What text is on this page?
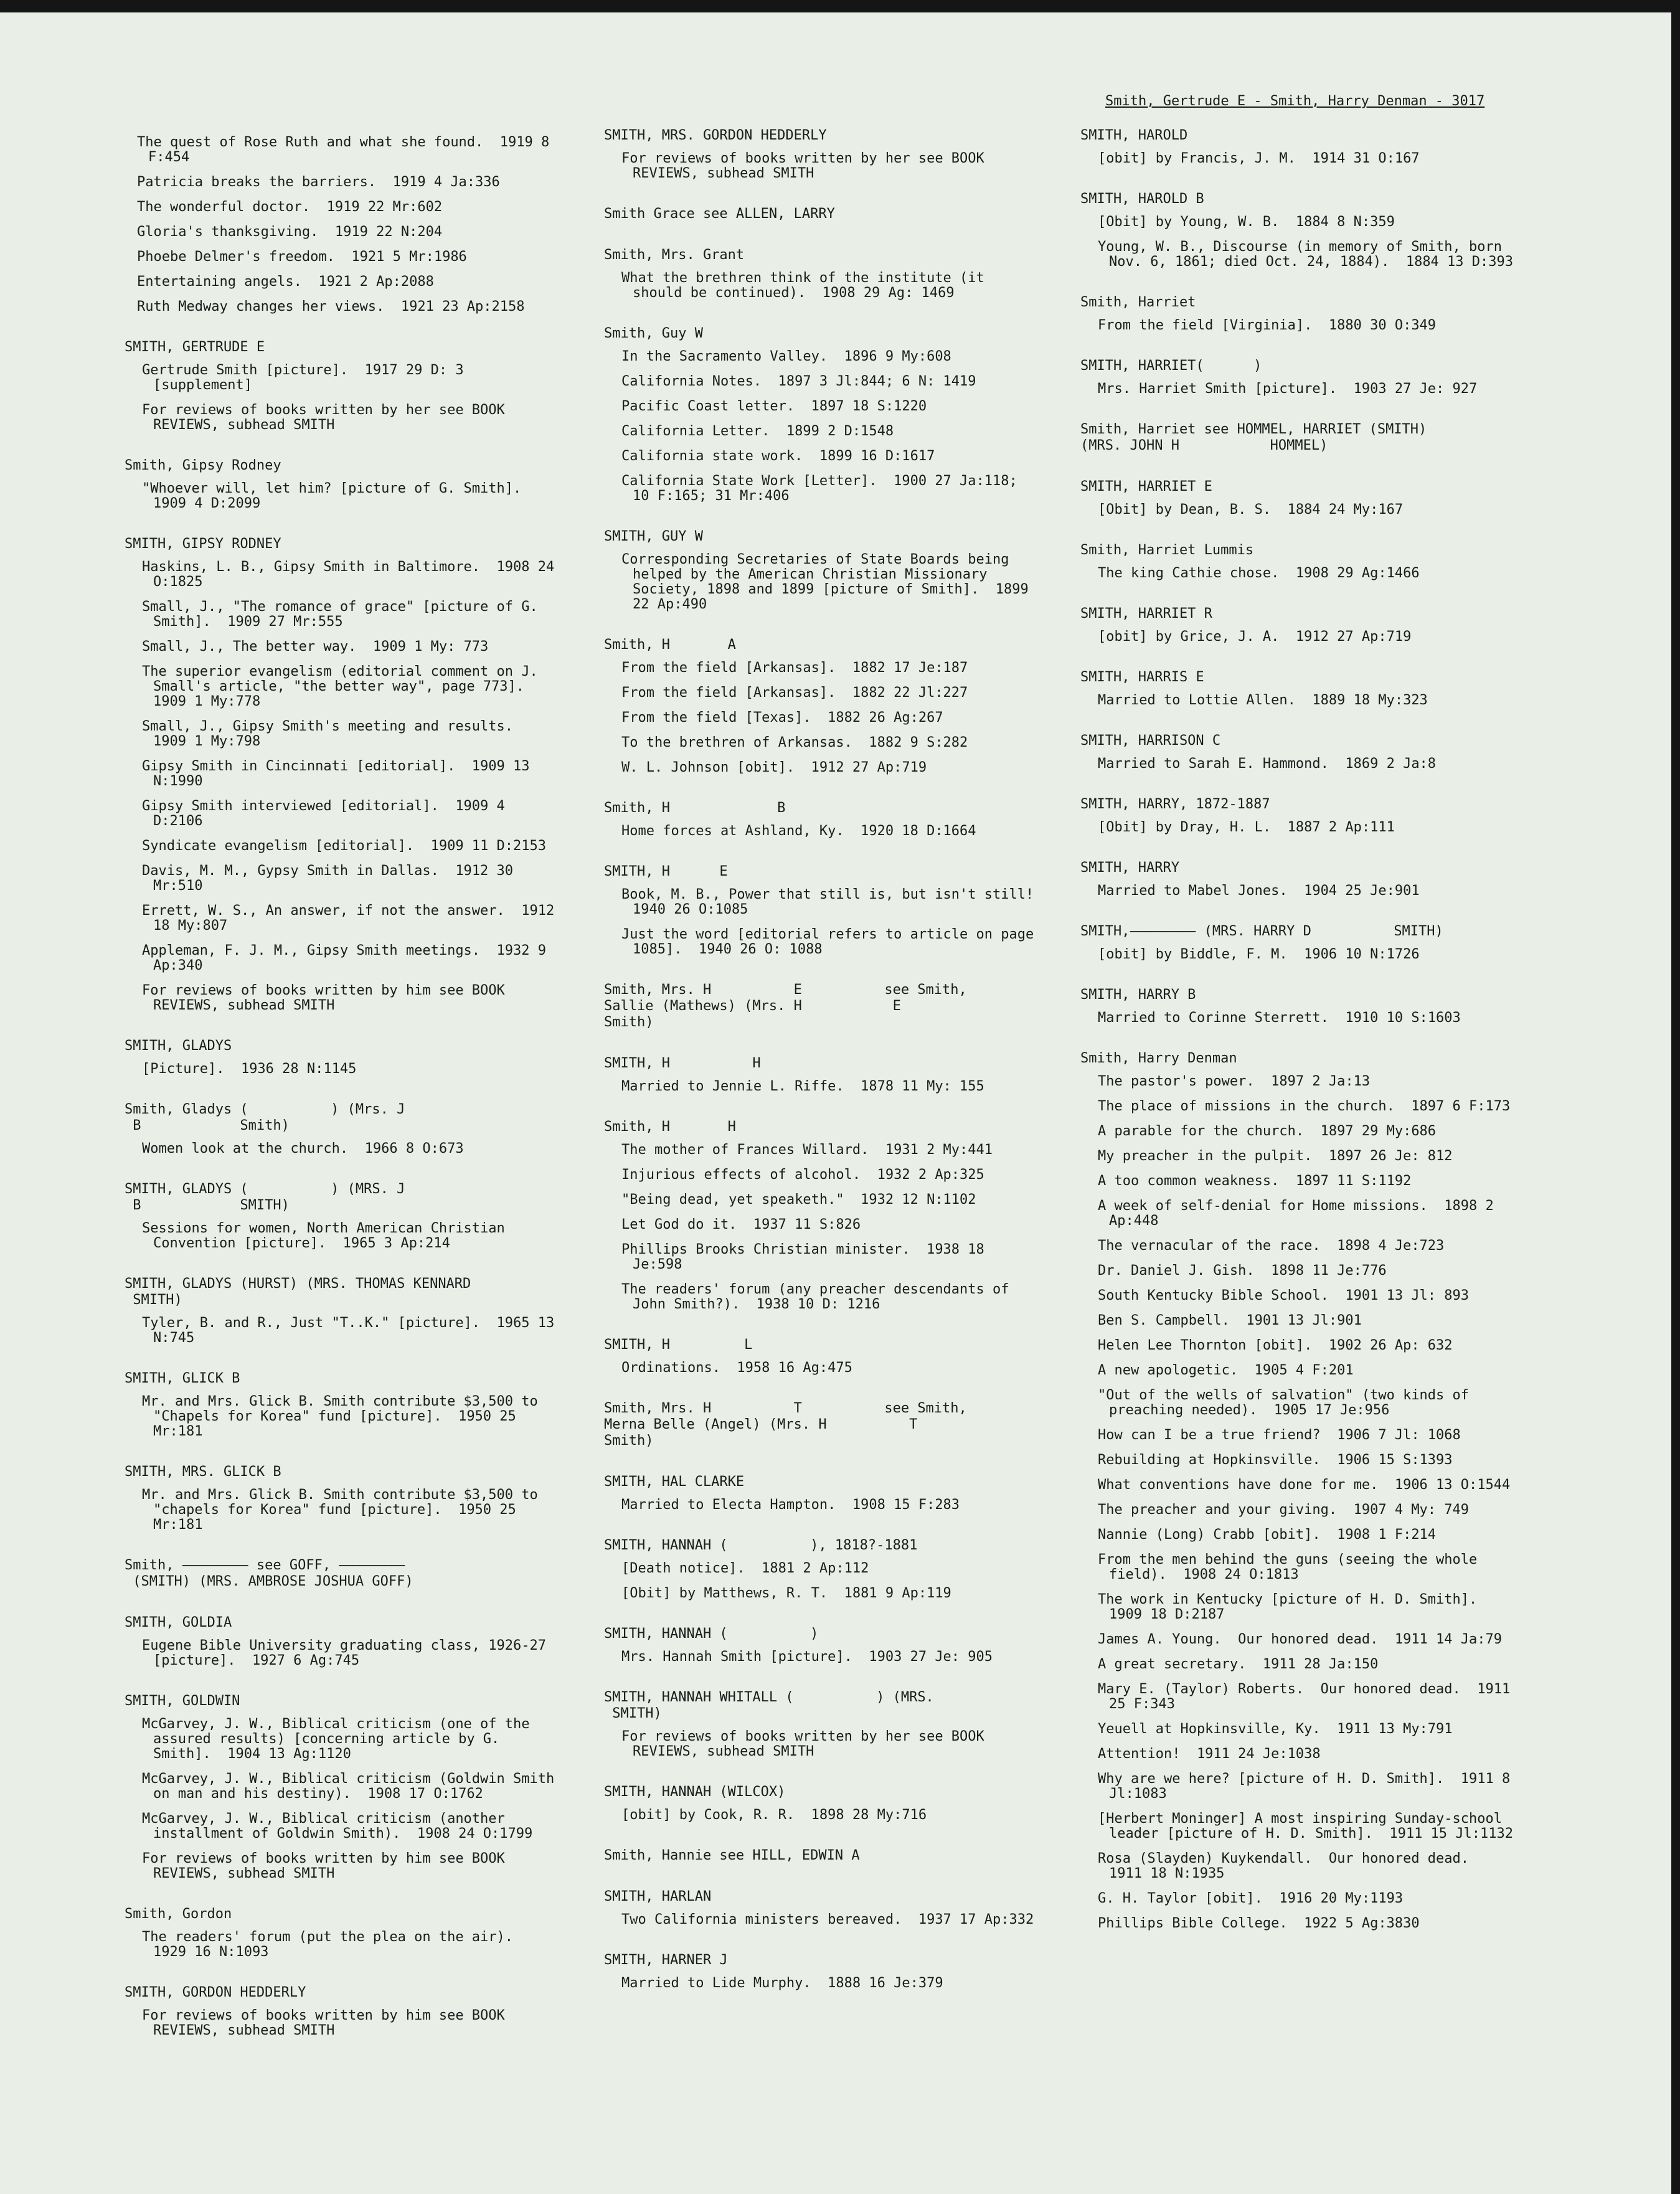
Smith, Gertrude E - Smith, Harry Denman - 3017
The quest of Rose Ruth and what she found.  1919 8 F:454
Patricia breaks the barriers.  1919 4 Ja:336
The wonderful doctor.  1919 22 Mr:602
Gloria's thanksgiving.  1919 22 N:204
Phoebe Delmer's freedom.  1921 5 Mr:1986
Entertaining angels.  1921 2 Ap:2088
Ruth Medway changes her views.  1921 23 Ap:2158
SMITH, GERTRUDE E
Gertrude Smith [picture].  1917 29 D: 3 [supplement]
For reviews of books written by her see BOOK REVIEWS, subhead SMITH
Smith, Gipsy Rodney
"Whoever will, let him? [picture of G. Smith].  1909 4 D:2099
SMITH, GIPSY RODNEY
Haskins, L. B., Gipsy Smith in Baltimore.  1908 24 O:1825
Small, J., "The romance of grace" [picture of G. Smith].  1909 27 Mr:555
Small, J., The better way.  1909 1 My: 773
The superior evangelism (editorial comment on J. Small's article, "the better way", page 773].  1909 1 My:778
Small, J., Gipsy Smith's meeting and results.  1909 1 My:798
Gipsy Smith in Cincinnati [editorial].  1909 13 N:1990
Gipsy Smith interviewed [editorial].  1909 4 D:2106
Syndicate evangelism [editorial].  1909 11 D:2153
Davis, M. M., Gypsy Smith in Dallas.  1912 30 Mr:510
Errett, W. S., An answer, if not the answer.  1912 18 My:807
Appleman, F. J. M., Gipsy Smith meetings.  1932 9 Ap:340
For reviews of books written by him see BOOK REVIEWS, subhead SMITH
SMITH, GLADYS
[Picture].  1936 28 N:1145
Smith, Gladys (          ) (Mrs. J
B            Smith)
Women look at the church.  1966 8 O:673
SMITH, GLADYS (          ) (MRS. J
B            SMITH)
Sessions for women, North American Christian Convention [picture].  1965 3 Ap:214
SMITH, GLADYS (HURST) (MRS. THOMAS KENNARD
SMITH)
Tyler, B. and R., Just "T..K." [picture].  1965 13 N:745
SMITH, GLICK B
Mr. and Mrs. Glick B. Smith contribute $3,500 to "Chapels for Korea" fund [picture].  1950 25 Mr:181
SMITH, MRS. GLICK B
Mr. and Mrs. Glick B. Smith contribute $3,500 to "chapels for Korea" fund [picture].  1950 25 Mr:181
Smith, ———————— see GOFF, ————————
(SMITH) (MRS. AMBROSE JOSHUA GOFF)
SMITH, GOLDIA
Eugene Bible University graduating class, 1926-27 [picture].  1927 6 Ag:745
SMITH, GOLDWIN
McGarvey, J. W., Biblical criticism (one of the assured results) [concerning article by G. Smith].  1904 13 Ag:1120
McGarvey, J. W., Biblical criticism (Goldwin Smith on man and his destiny).  1908 17 O:1762
McGarvey, J. W., Biblical criticism (another installment of Goldwin Smith).  1908 24 O:1799
For reviews of books written by him see BOOK REVIEWS, subhead SMITH
Smith, Gordon
The readers' forum (put the plea on the air).  1929 16 N:1093
SMITH, GORDON HEDDERLY
For reviews of books written by him see BOOK REVIEWS, subhead SMITH
SMITH, MRS. GORDON HEDDERLY
For reviews of books written by her see BOOK REVIEWS, subhead SMITH
Smith Grace see ALLEN, LARRY
Smith, Mrs. Grant
What the brethren think of the institute (it should be continued).  1908 29 Ag: 1469
Smith, Guy W
In the Sacramento Valley.  1896 9 My:608
California Notes.  1897 3 Jl:844; 6 N: 1419
Pacific Coast letter.  1897 18 S:1220
California Letter.  1899 2 D:1548
California state work.  1899 16 D:1617
California State Work [Letter].  1900 27 Ja:118; 10 F:165; 31 Mr:406
SMITH, GUY W
Corresponding Secretaries of State Boards being helped by the American Christian Missionary Society, 1898 and 1899 [picture of Smith].  1899 22 Ap:490
Smith, H       A
From the field [Arkansas].  1882 17 Je:187
From the field [Arkansas].  1882 22 Jl:227
From the field [Texas].  1882 26 Ag:267
To the brethren of Arkansas.  1882 9 S:282
W. L. Johnson [obit].  1912 27 Ap:719
Smith, H             B
Home forces at Ashland, Ky.  1920 18 D:1664
SMITH, H      E
Book, M. B., Power that still is, but isn't still!  1940 26 O:1085
Just the word [editorial refers to article on page 1085].  1940 26 O: 1088
Smith, Mrs. H          E          see Smith,
Sallie (Mathews) (Mrs. H           E
Smith)
SMITH, H          H
Married to Jennie L. Riffe.  1878 11 My: 155
Smith, H       H
The mother of Frances Willard.  1931 2 My:441
Injurious effects of alcohol.  1932 2 Ap:325
"Being dead, yet speaketh."  1932 12 N:1102
Let God do it.  1937 11 S:826
Phillips Brooks Christian minister.  1938 18 Je:598
The readers' forum (any preacher descendants of John Smith?).  1938 10 D: 1216
SMITH, H         L
Ordinations.  1958 16 Ag:475
Smith, Mrs. H          T          see Smith,
Merna Belle (Angel) (Mrs. H          T
Smith)
SMITH, HAL CLARKE
Married to Electa Hampton.  1908 15 F:283
SMITH, HANNAH (          ), 1818?-1881
[Death notice].  1881 2 Ap:112
[Obit] by Matthews, R. T.  1881 9 Ap:119
SMITH, HANNAH (          )
Mrs. Hannah Smith [picture].  1903 27 Je: 905
SMITH, HANNAH WHITALL (          ) (MRS.
SMITH)
For reviews of books written by her see BOOK REVIEWS, subhead SMITH
SMITH, HANNAH (WILCOX)
[obit] by Cook, R. R.  1898 28 My:716
Smith, Hannie see HILL, EDWIN A
SMITH, HARLAN
Two California ministers bereaved.  1937 17 Ap:332
SMITH, HARNER J
Married to Lide Murphy.  1888 16 Je:379
SMITH, HAROLD
[obit] by Francis, J. M.  1914 31 O:167
SMITH, HAROLD B
[Obit] by Young, W. B.  1884 8 N:359
Young, W. B., Discourse (in memory of Smith, born Nov. 6, 1861; died Oct. 24, 1884).  1884 13 D:393
Smith, Harriet
From the field [Virginia].  1880 30 O:349
SMITH, HARRIET(      )
Mrs. Harriet Smith [picture].  1903 27 Je: 927
Smith, Harriet see HOMMEL, HARRIET (SMITH)
(MRS. JOHN H           HOMMEL)
SMITH, HARRIET E
[Obit] by Dean, B. S.  1884 24 My:167
Smith, Harriet Lummis
The king Cathie chose.  1908 29 Ag:1466
SMITH, HARRIET R
[obit] by Grice, J. A.  1912 27 Ap:719
SMITH, HARRIS E
Married to Lottie Allen.  1889 18 My:323
SMITH, HARRISON C
Married to Sarah E. Hammond.  1869 2 Ja:8
SMITH, HARRY, 1872-1887
[Obit] by Dray, H. L.  1887 2 Ap:111
SMITH, HARRY
Married to Mabel Jones.  1904 25 Je:901
SMITH,———————— (MRS. HARRY D          SMITH)
[obit] by Biddle, F. M.  1906 10 N:1726
SMITH, HARRY B
Married to Corinne Sterrett.  1910 10 S:1603
Smith, Harry Denman
The pastor's power.  1897 2 Ja:13
The place of missions in the church.  1897 6 F:173
A parable for the church.  1897 29 My:686
My preacher in the pulpit.  1897 26 Je: 812
A too common weakness.  1897 11 S:1192
A week of self-denial for Home missions.  1898 2 Ap:448
The vernacular of the race.  1898 4 Je:723
Dr. Daniel J. Gish.  1898 11 Je:776
South Kentucky Bible School.  1901 13 Jl: 893
Ben S. Campbell.  1901 13 Jl:901
Helen Lee Thornton [obit].  1902 26 Ap: 632
A new apologetic.  1905 4 F:201
"Out of the wells of salvation" (two kinds of preaching needed).  1905 17 Je:956
How can I be a true friend?  1906 7 Jl: 1068
Rebuilding at Hopkinsville.  1906 15 S:1393
What conventions have done for me.  1906 13 O:1544
The preacher and your giving.  1907 4 My: 749
Nannie (Long) Crabb [obit].  1908 1 F:214
From the men behind the guns (seeing the whole field).  1908 24 O:1813
The work in Kentucky [picture of H. D. Smith].  1909 18 D:2187
James A. Young.  Our honored dead.  1911 14 Ja:79
A great secretary.  1911 28 Ja:150
Mary E. (Taylor) Roberts.  Our honored dead.  1911 25 F:343
Yeuell at Hopkinsville, Ky.  1911 13 My:791
Attention!  1911 24 Je:1038
Why are we here? [picture of H. D. Smith].  1911 8 Jl:1083
[Herbert Moninger] A most inspiring Sunday-school leader [picture of H. D. Smith].  1911 15 Jl:1132
Rosa (Slayden) Kuykendall.  Our honored dead.  1911 18 N:1935
G. H. Taylor [obit].  1916 20 My:1193
Phillips Bible College.  1922 5 Ag:3830
